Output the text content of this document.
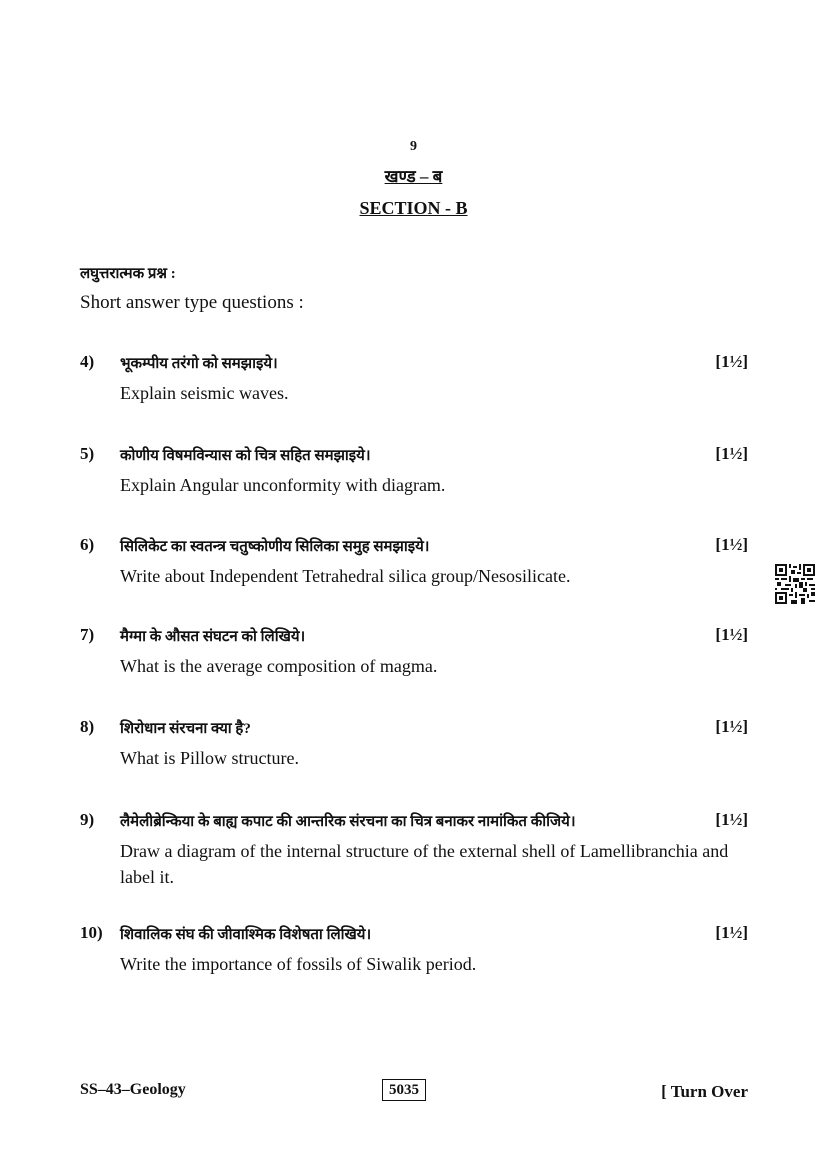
9
खण्ड – ब
SECTION - B
लघुत्तरात्मक प्रश्न :
Short answer type questions :
4) भूकम्पीय तरंगो को समझाइये।	[1½]
Explain seismic waves.
5) कोणीय विषमविन्यास को चित्र सहित समझाइये।	[1½]
Explain Angular unconformity with diagram.
6) सिलिकेट का स्वतन्त्र चतुष्कोणीय सिलिका समुह समझाइये।	[1½]
Write about Independent Tetrahedral silica group/Nesosilicate.
7) मैग्मा के औसत संघटन को लिखिये।	[1½]
What is the average composition of magma.
8) शिरोधान संरचना क्या है?	[1½]
What is Pillow structure.
9) लैमेलीब्रेन्किया के बाह्य कपाट की आन्तरिक संरचना का चित्र बनाकर नामांकित कीजिये।	[1½]
Draw a diagram of the internal structure of the external shell of Lamellibranchia and label it.
10) शिवालिक संघ की जीवाश्मिक विशेषता लिखिये।	[1½]
Write the importance of fossils of Siwalik period.
SS–43–Geology	5035	[ Turn Over
